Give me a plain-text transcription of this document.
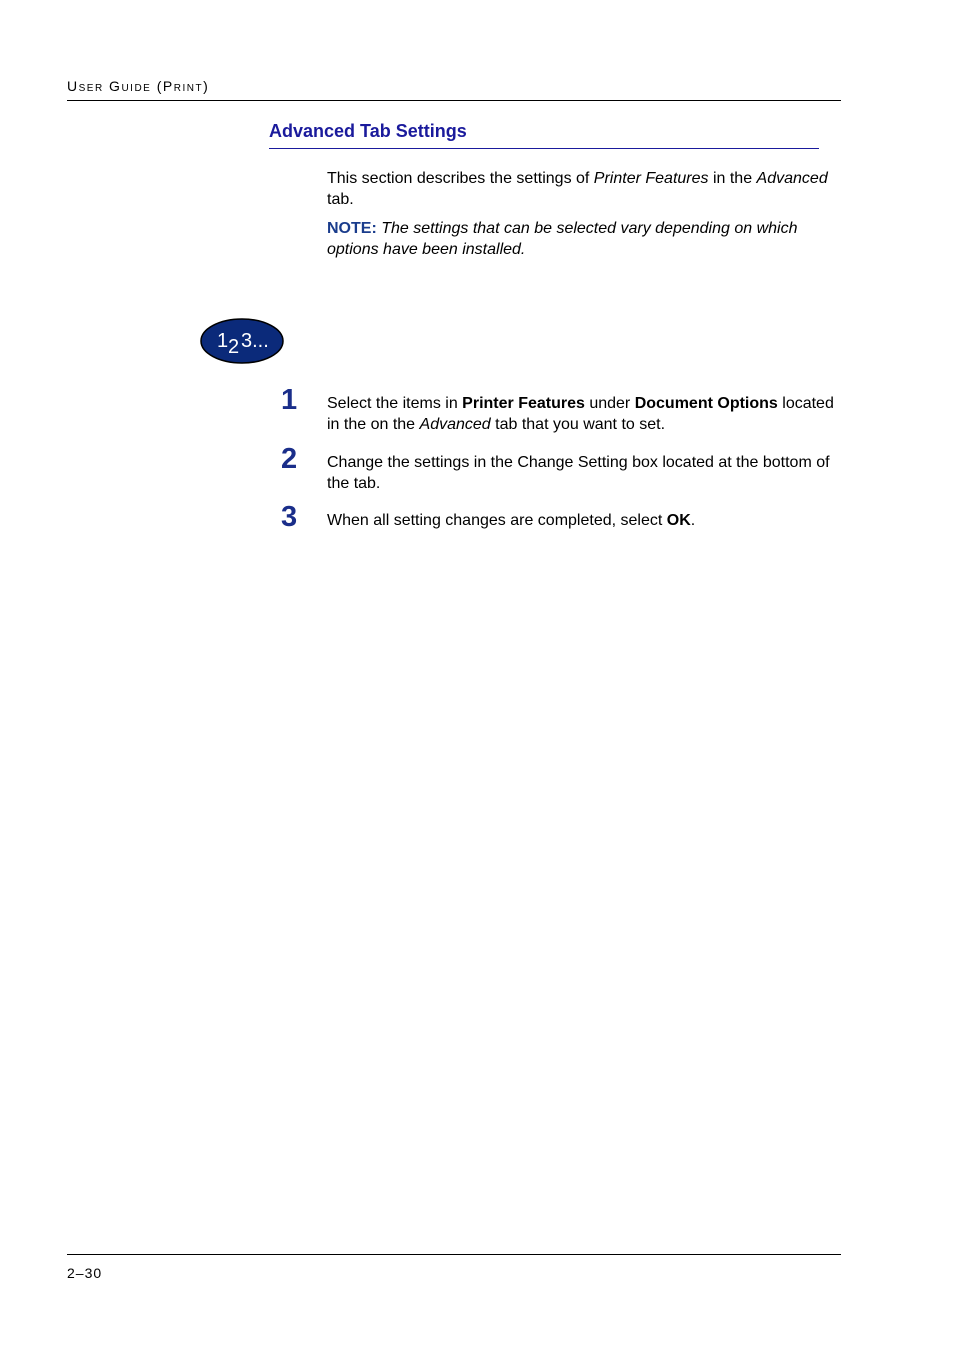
User Guide (Print)
Advanced Tab Settings
This section describes the settings of Printer Features in the Advanced tab.
NOTE: The settings that can be selected vary depending on which options have been installed.
1 2 3...
1 Select the items in Printer Features under Document Options located in the on the Advanced tab that you want to set.
2 Change the settings in the Change Setting box located at the bottom of the tab.
3 When all setting changes are completed, select OK.
2–30
